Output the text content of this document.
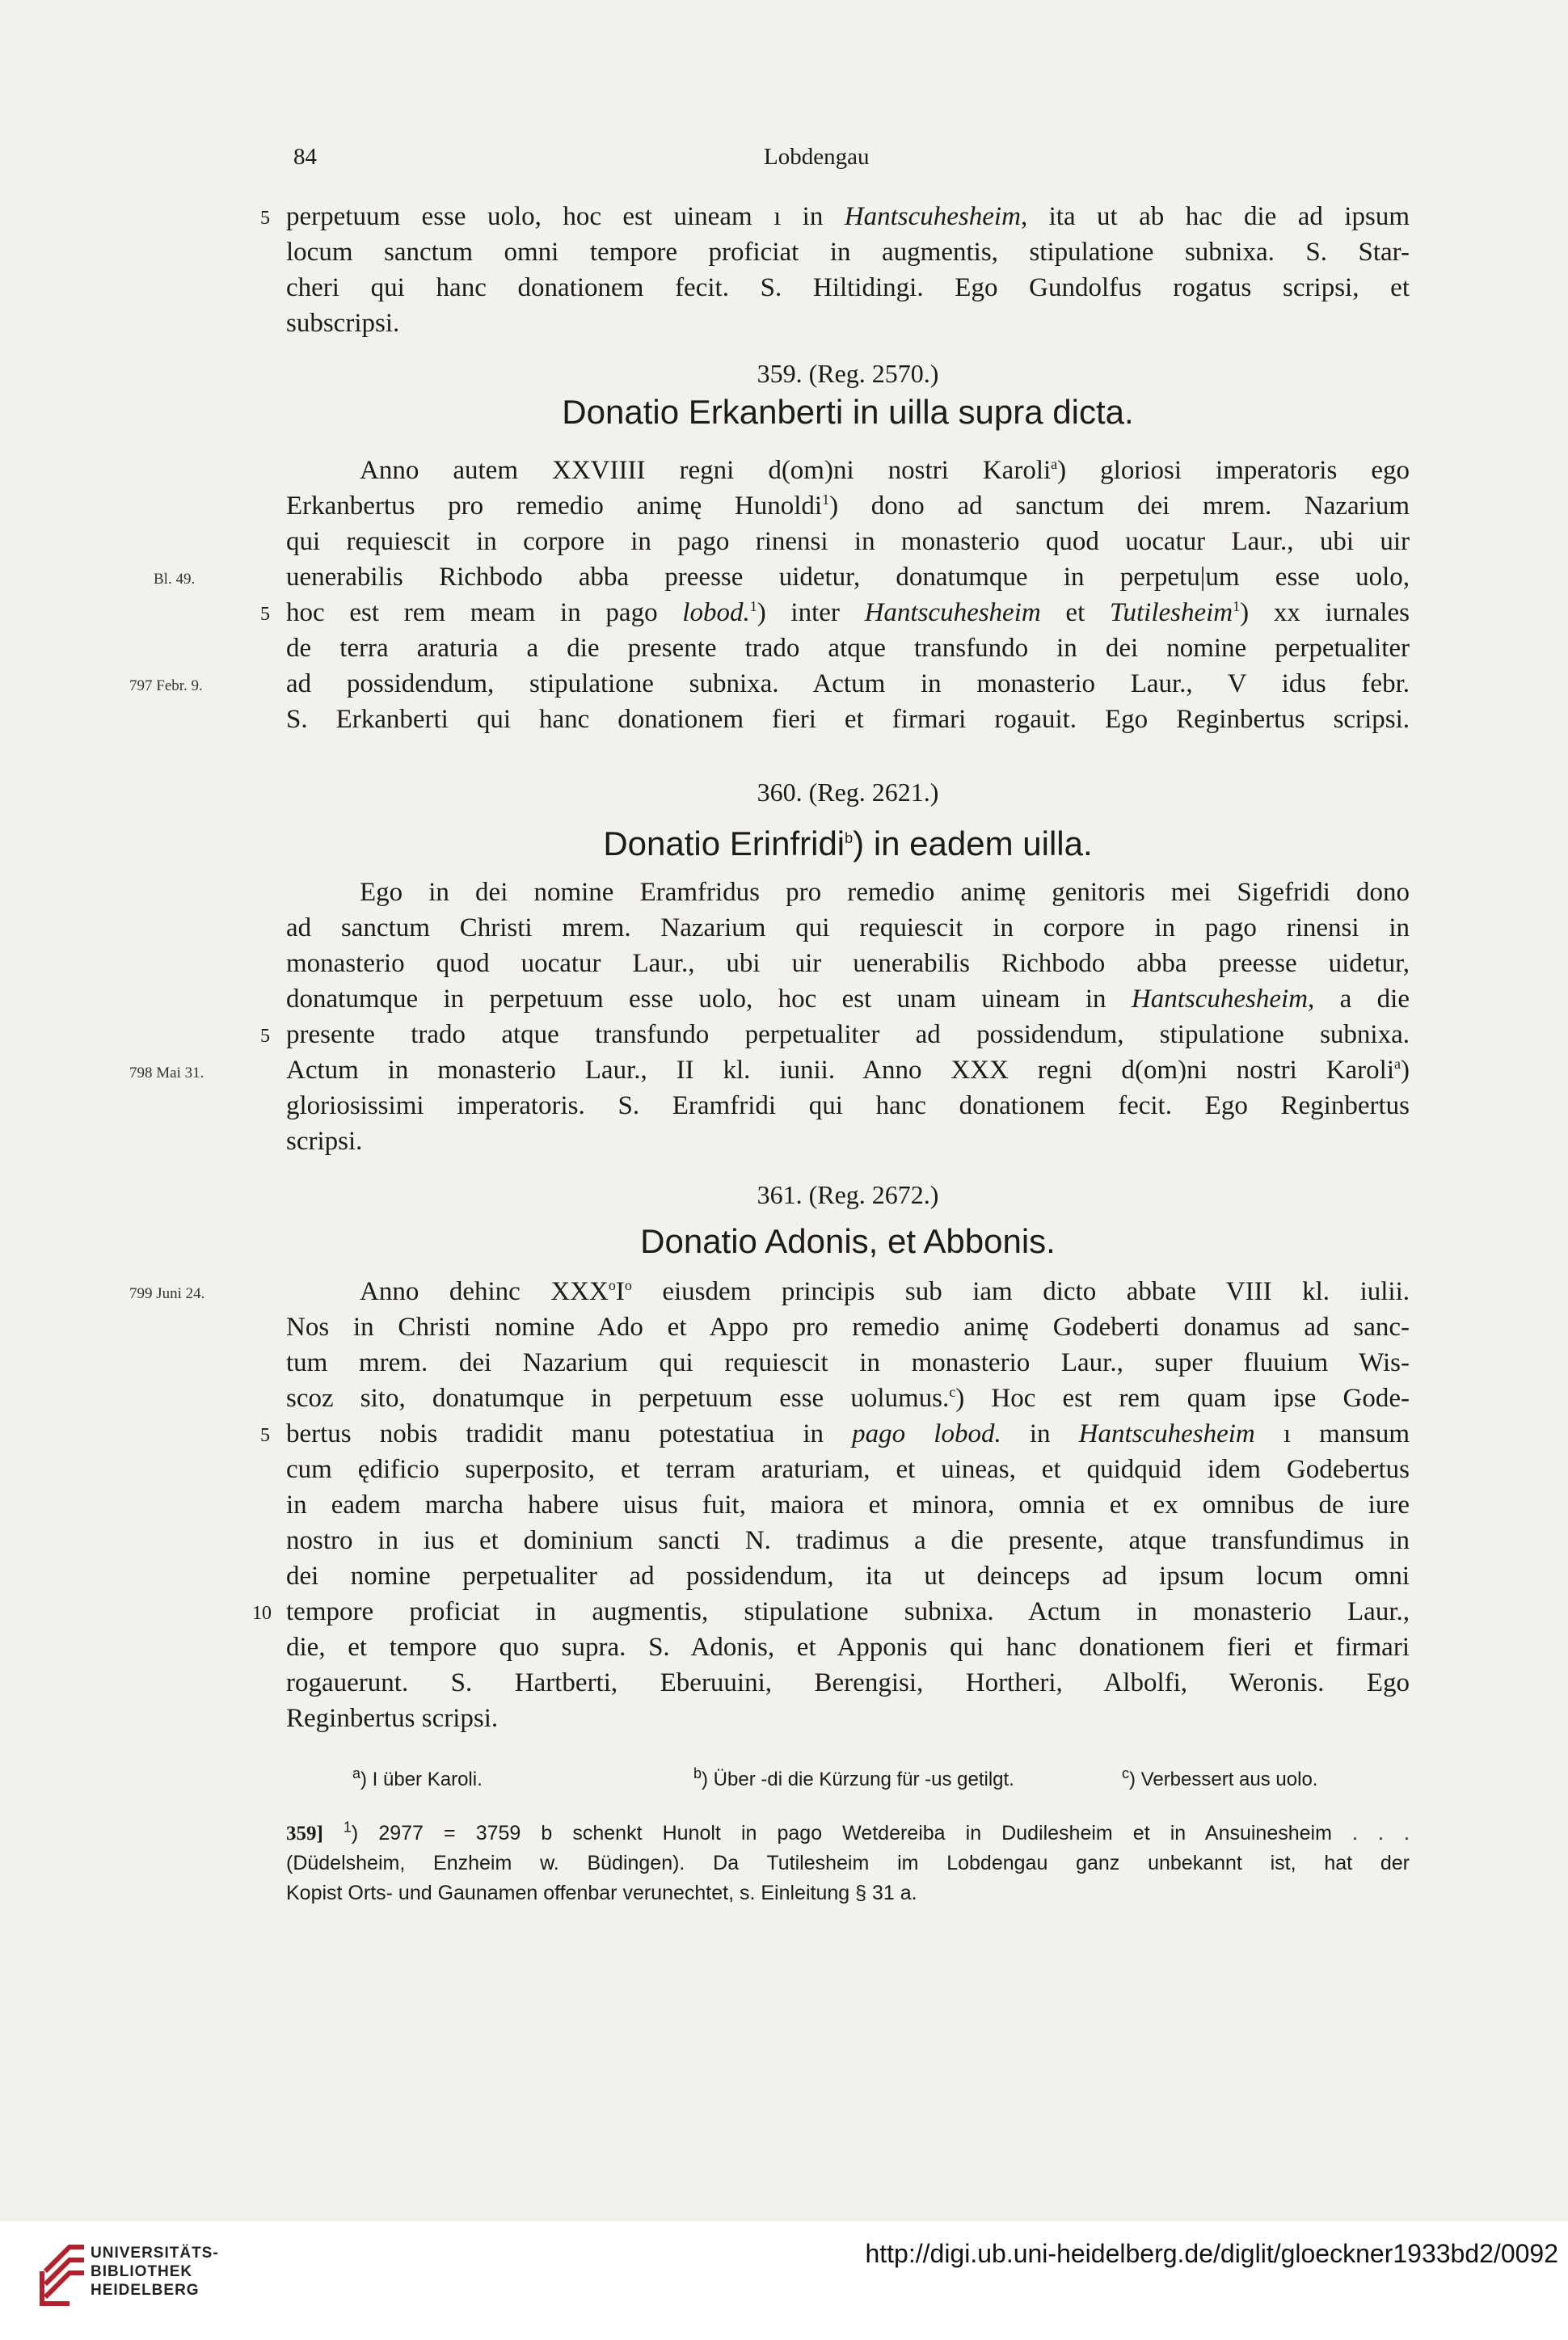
84	Lobdengau
perpetuum esse uolo, hoc est uineam ı in Hantscuhesheim, ita ut ab hac die ad ipsum
5
locum sanctum omni tempore proficiat in augmentis, stipulatione subnixa. S. Star-
cheri qui hanc donationem fecit. S. Hiltidingi. Ego Gundolfus rogatus scripsi, et
subscripsi.
359. (Reg. 2570.)
Donatio Erkanberti in uilla supra dicta.
Anno autem XXVIIII regni d(om)ni nostri Karoli$^a$) gloriosi imperatoris ego
Erkanbertus pro remedio animę Hunoldi$^1$) dono ad sanctum dei mrem. Nazarium
qui requiescit in corpore in pago rinensi in monasterio quod uocatur Laur., ubi uir
Bl. 49.	uenerabilis Richbodo abba preesse uidetur, donatumque in perpetu|um esse uolo,
5 hoc est rem meam in pago lobod.$^1$) inter Hantscuhesheim et Tutilesheim$^1$) xx iurnales
de terra araturia a die presente trado atque transfundo in dei nomine perpetualiter
797 Febr. 9.	ad possidendum, stipulatione subnixa. Actum in monasterio Laur., V idus febr.
S. Erkanberti qui hanc donationem fieri et firmari rogauit. Ego Reginbertus scripsi.
360. (Reg. 2621.)
Donatio Erinfridi$^b$) in eadem uilla.
Ego in dei nomine Eramfridus pro remedio animę genitoris mei Sigefridi dono
ad sanctum Christi mrem. Nazarium qui requiescit in corpore in pago rinensi in
monasterio quod uocatur Laur., ubi uir uenerabilis Richbodo abba preesse uidetur,
donatumque in perpetuum esse uolo, hoc est unam uineam in Hantscuhesheim, a die
5 presente trado atque transfundo perpetualiter ad possidendum, stipulatione subnixa.
798 Mai 31.	Actum in monasterio Laur., II kl. iunii. Anno XXX regni d(om)ni nostri Karoli$^a$)
gloriosissimi imperatoris. S. Eramfridi qui hanc donationem fecit. Ego Reginbertus
scripsi.
361. (Reg. 2672.)
Donatio Adonis, et Abbonis.
799 Juni 24.	Anno dehinc $XXX^oI^o$ eiusdem principis sub iam dicto abbate VIII kl. iulii.
Nos in Christi nomine Ado et Appo pro remedio animę Godeberti donamus ad sanc-
tum mrem. dei Nazarium qui requiescit in monasterio Laur., super fluuium Wis-
scoz sito, donatumque in perpetuum esse uolumus.$^c$) Hoc est rem quam ipse Gode-
5 bertus nobis tradidit manu potestatiua in pago lobod. in Hantscuhesheim ı mansum
cum ędificio superposito, et terram araturiam, et uineas, et quidquid idem Godebertus
in eadem marcha habere uisus fuit, maiora et minora, omnia et ex omnibus de iure
nostro in ius et dominium sancti N. tradimus a die presente, atque transfundimus in
dei nomine perpetualiter ad possidendum, ita ut deinceps ad ipsum locum omni
10 tempore proficiat in augmentis, stipulatione subnixa. Actum in monasterio Laur.,
die, et tempore quo supra. S. Adonis, et Apponis qui hanc donationem fieri et firmari
rogauerunt. S. Hartberti, Eberuuini, Berengisi, Hortheri, Albolfi, Weronis. Ego
Reginbertus scripsi.
$^a$) I über Karoli.	$^b$) Über -di die Kürzung für -us getilgt.	$^c$) Verbessert aus uolo.
359] $^1$) 2977 = 3759 b schenkt Hunolt in pago Wetdereiba in Dudilesheim et in Ansuinesheim . . .
(Düdelsheim, Enzheim w. Büdingen). Da Tutilesheim im Lobdengau ganz unbekannt ist, hat der
Kopist Orts- und Gaunamen offenbar verunechtet, s. Einleitung § 31 a.
UNIVERSITÄTS-
BIBLIOTHEK
HEIDELBERG
http://digi.ub.uni-heidelberg.de/diglit/gloeckner1933bd2/0092
